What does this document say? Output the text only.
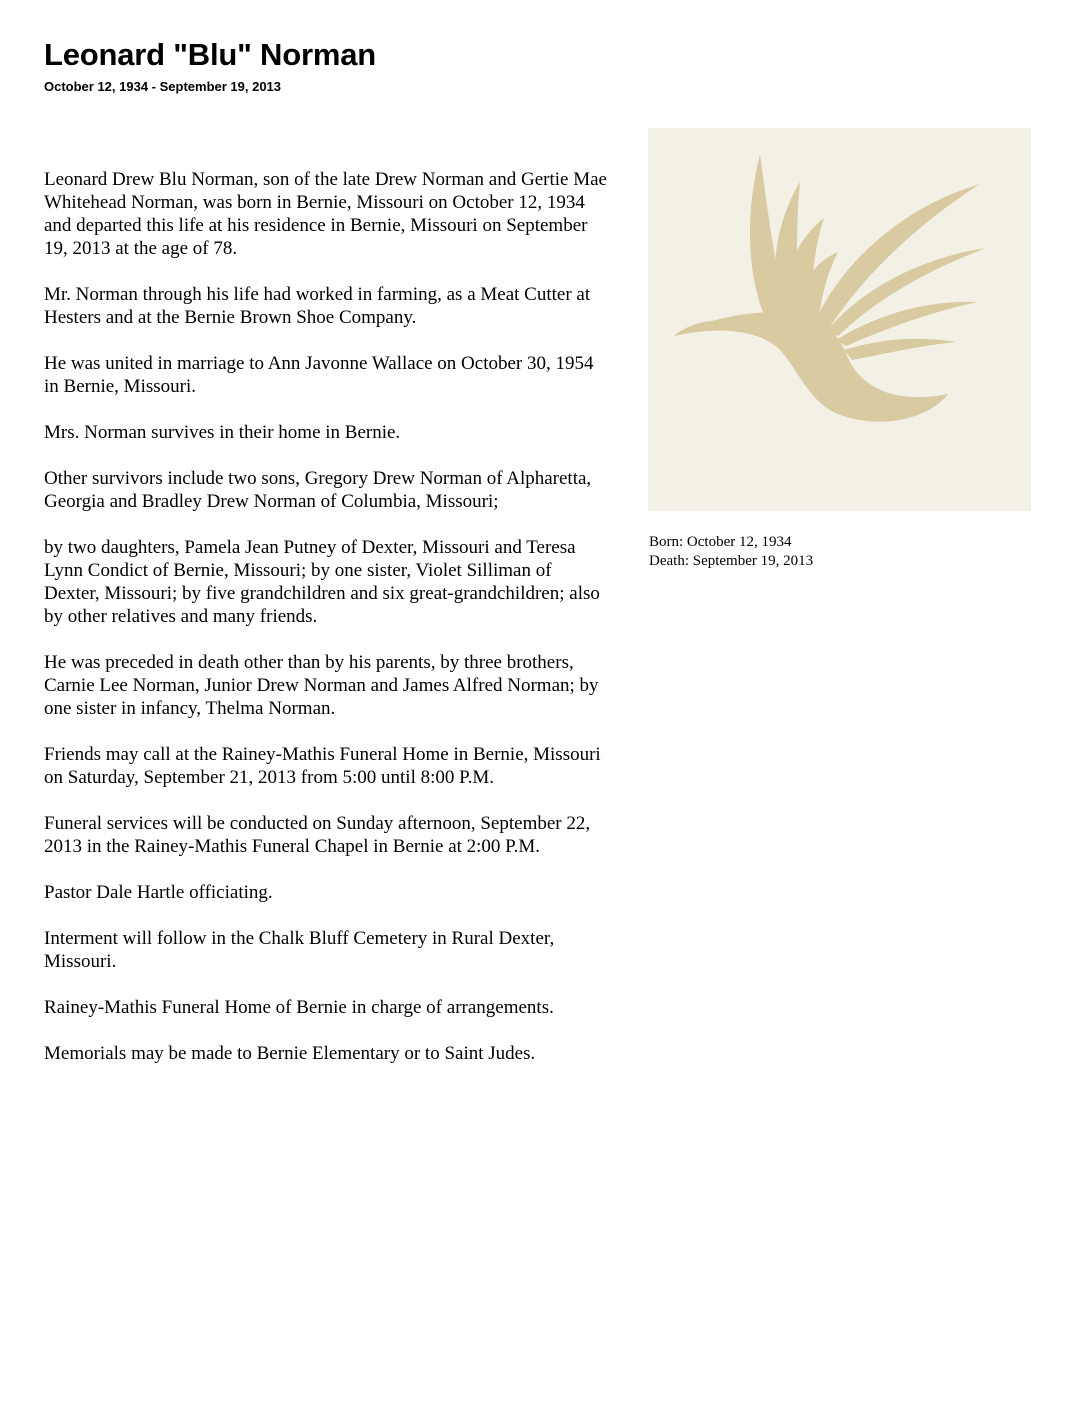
Leonard "Blu" Norman
October 12, 1934 - September 19, 2013

Leonard Drew Blu Norman, son of the late Drew Norman and Gertie Mae Whitehead Norman, was born in Bernie, Missouri on October 12, 1934 and departed this life at his residence in Bernie, Missouri on September 19, 2013 at the age of 78.

Mr. Norman through his life had worked in farming, as a Meat Cutter at Hesters and at the Bernie Brown Shoe Company.

He was united in marriage to Ann Javonne Wallace on October 30, 1954 in Bernie, Missouri.

Mrs. Norman survives in their home in Bernie.

Other survivors include two sons, Gregory Drew Norman of Alpharetta, Georgia and Bradley Drew Norman of Columbia, Missouri;

by two daughters, Pamela Jean Putney of Dexter, Missouri and Teresa Lynn Condict of Bernie, Missouri; by one sister, Violet Silliman of Dexter, Missouri; by five grandchildren and six great-grandchildren; also by other relatives and many friends.

He was preceded in death other than by his parents, by three brothers, Carnie Lee Norman, Junior Drew Norman and James Alfred Norman; by one sister in infancy, Thelma Norman.

Friends may call at the Rainey-Mathis Funeral Home in Bernie, Missouri on Saturday, September 21, 2013 from 5:00 until 8:00 P.M.

Funeral services will be conducted on Sunday afternoon, September 22, 2013 in the Rainey-Mathis Funeral Chapel in Bernie at 2:00 P.M.

Pastor Dale Hartle officiating.

Interment will follow in the Chalk Bluff Cemetery in Rural Dexter, Missouri.

Rainey-Mathis Funeral Home of Bernie in charge of arrangements.

Memorials may be made to Bernie Elementary or to Saint Judes.

Born: October 12, 1934
Death: September 19, 2013
